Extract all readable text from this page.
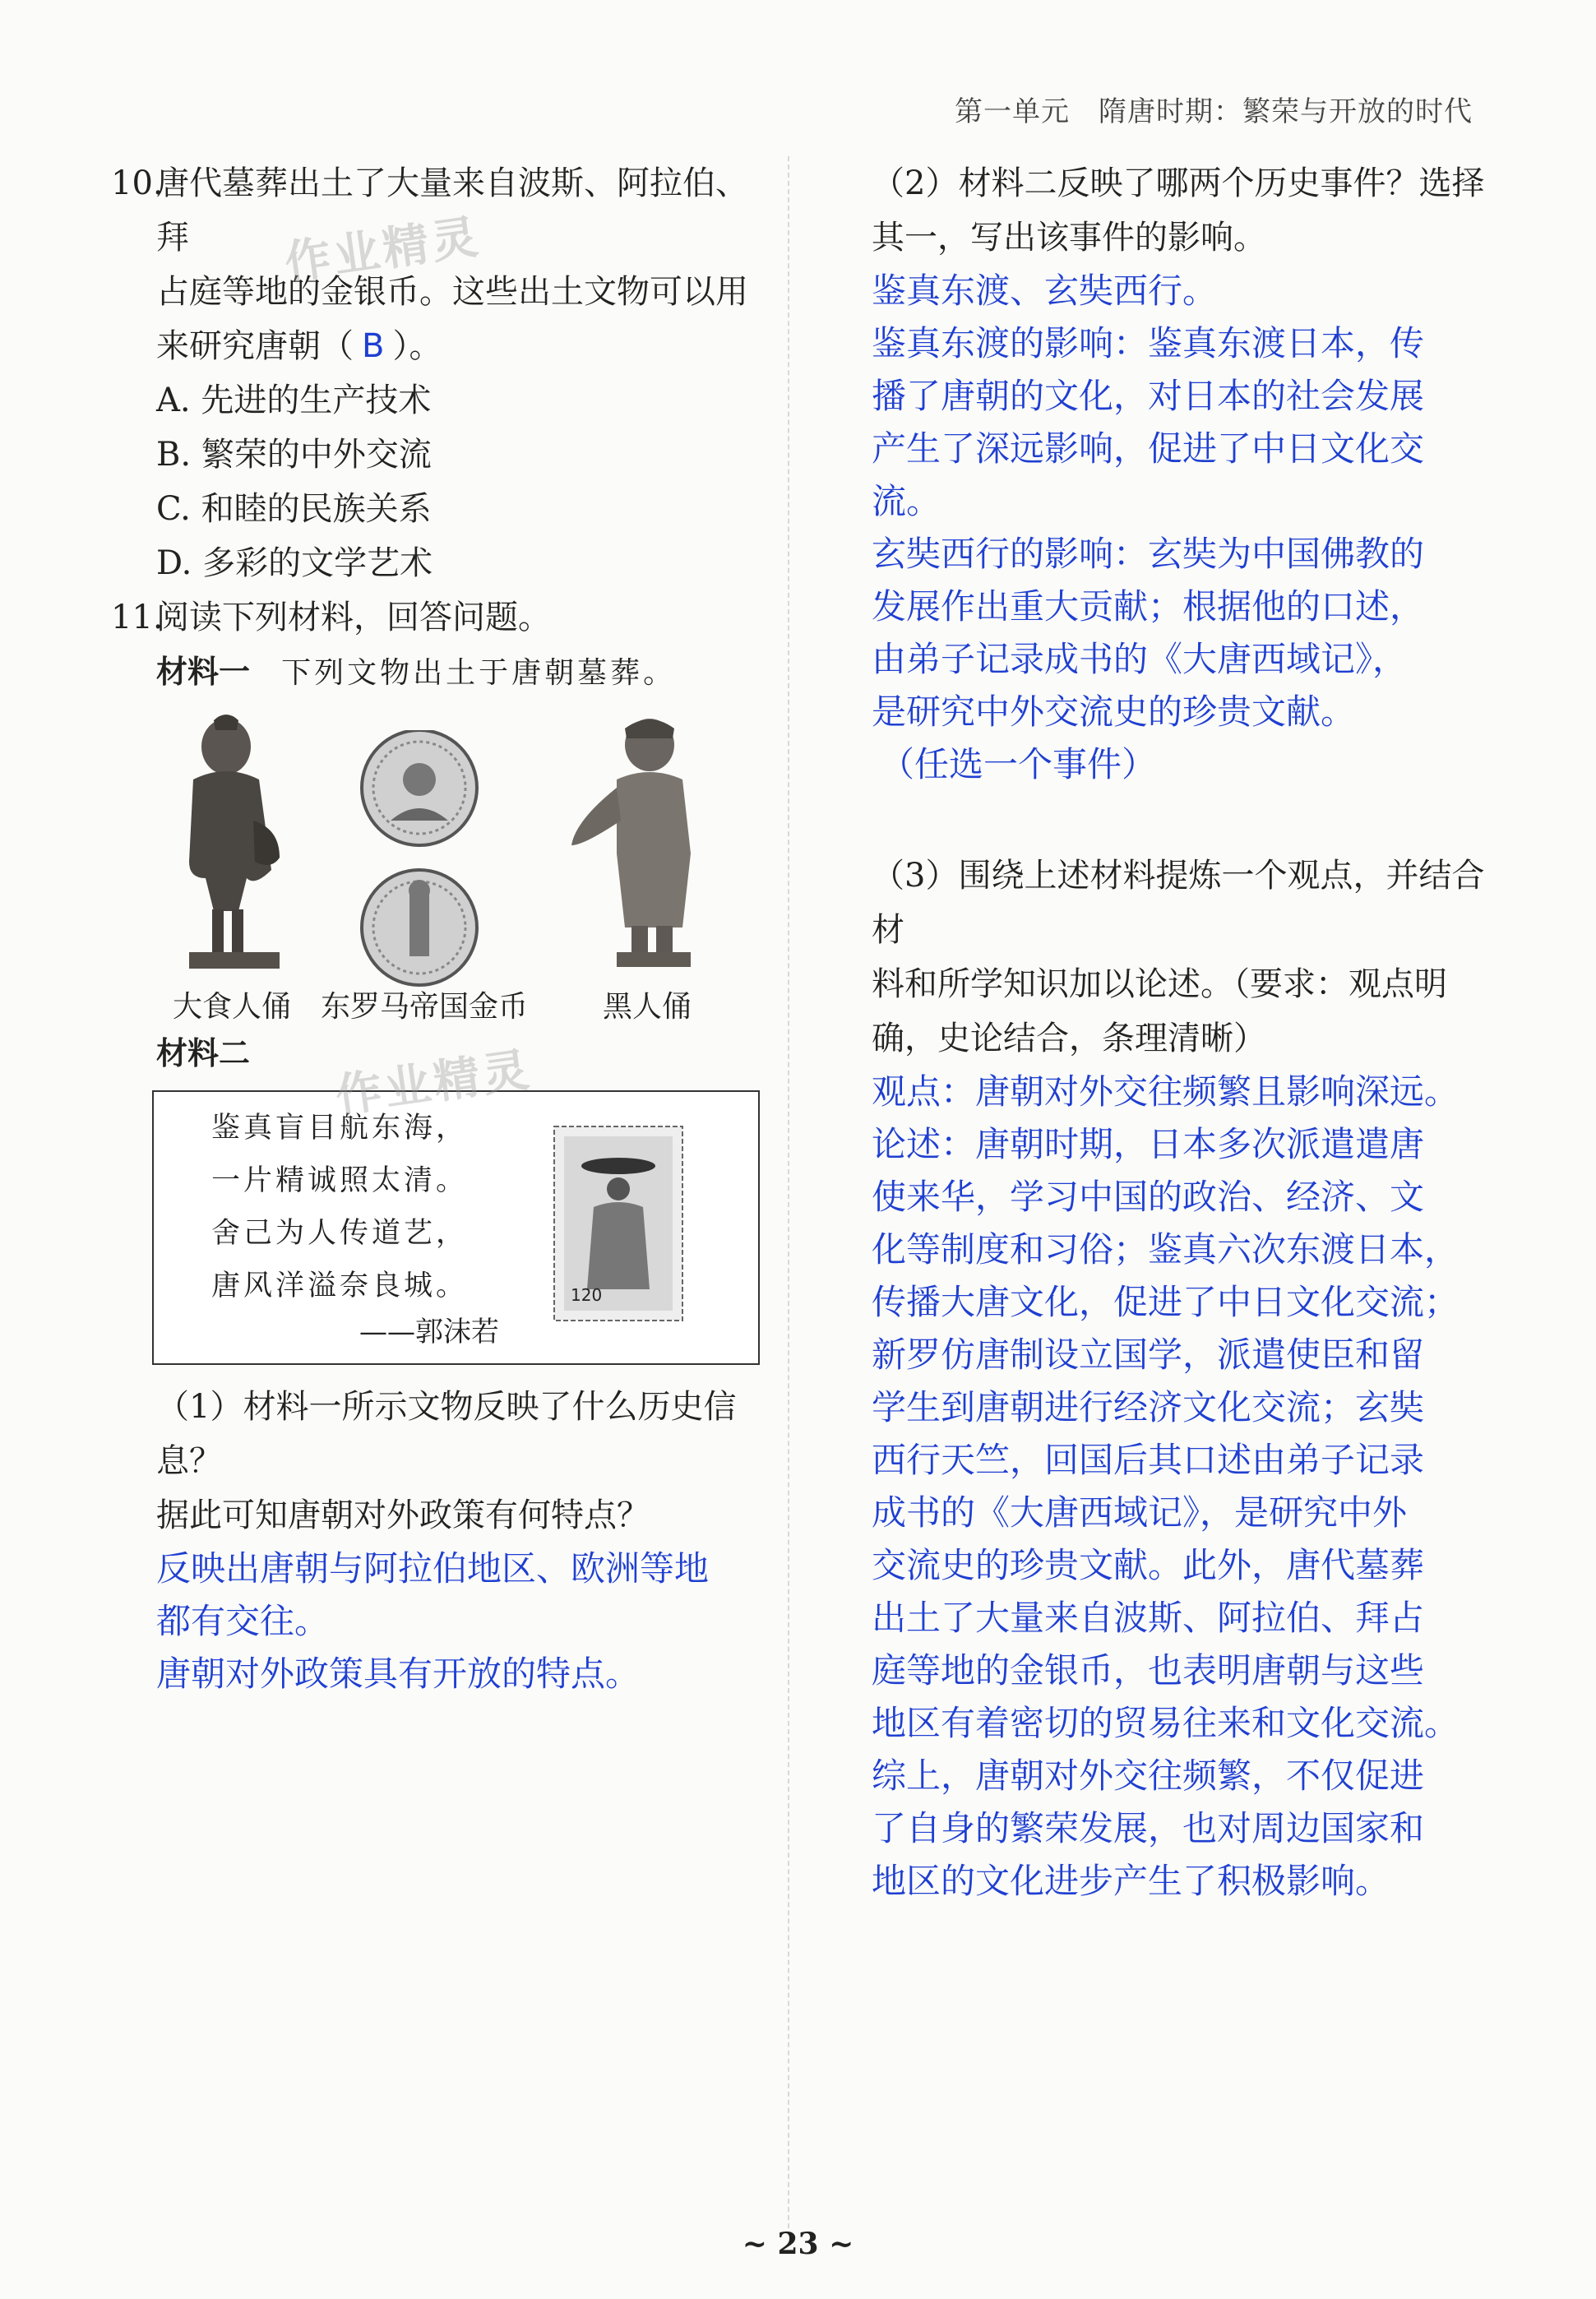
第一单元　隋唐时期：繁荣与开放的时代
10.

唐代墓葬出土了大量来自波斯、阿拉伯、拜

占庭等地的金银币。这些出土文物可以用

来研究唐朝（ B ）。

A. 先进的生产技术

B. 繁荣的中外交流

C. 和睦的民族关系

D. 多彩的文学艺术

11.

阅读下列材料，回答问题。

材料一 下列文物出土于唐朝墓葬。

大食人俑 东罗马帝国金币	黑人俑

材料二

鉴真盲目航东海，
一片精诚照太清。
舍己为人传道艺，
唐风洋溢奈良城。
——郭沫若
120
作业精灵

（1）材料一所示文物反映了什么历史信息？

据此可知唐朝对外政策有何特点？

反映出唐朝与阿拉伯地区、欧洲等地

都有交往。

唐朝对外政策具有开放的特点。

作业精灵

（2）材料二反映了哪两个历史事件？选择

其一，写出该事件的影响。

鉴真东渡、玄奘西行。

鉴真东渡的影响：鉴真东渡日本，传

播了唐朝的文化，对日本的社会发展

产生了深远影响，促进了中日文化交

流。

玄奘西行的影响：玄奘为中国佛教的

发展作出重大贡献；根据他的口述，

由弟子记录成书的《大唐西域记》，

是研究中外交流史的珍贵文献。

（任选一个事件）

（3）围绕上述材料提炼一个观点，并结合材

料和所学知识加以论述。（要求：观点明

确，史论结合，条理清晰）

观点：唐朝对外交往频繁且影响深远。

论述：唐朝时期，日本多次派遣遣唐

使来华，学习中国的政治、经济、文

化等制度和习俗；鉴真六次东渡日本，

传播大唐文化，促进了中日文化交流；

新罗仿唐制设立国学，派遣使臣和留

学生到唐朝进行经济文化交流；玄奘

西行天竺，回国后其口述由弟子记录

成书的《大唐西域记》，是研究中外

交流史的珍贵文献。此外，唐代墓葬

出土了大量来自波斯、阿拉伯、拜占

庭等地的金银币，也表明唐朝与这些

地区有着密切的贸易往来和文化交流。

综上，唐朝对外交往频繁，不仅促进

了自身的繁荣发展，也对周边国家和

地区的文化进步产生了积极影响。

~ 23 ~
